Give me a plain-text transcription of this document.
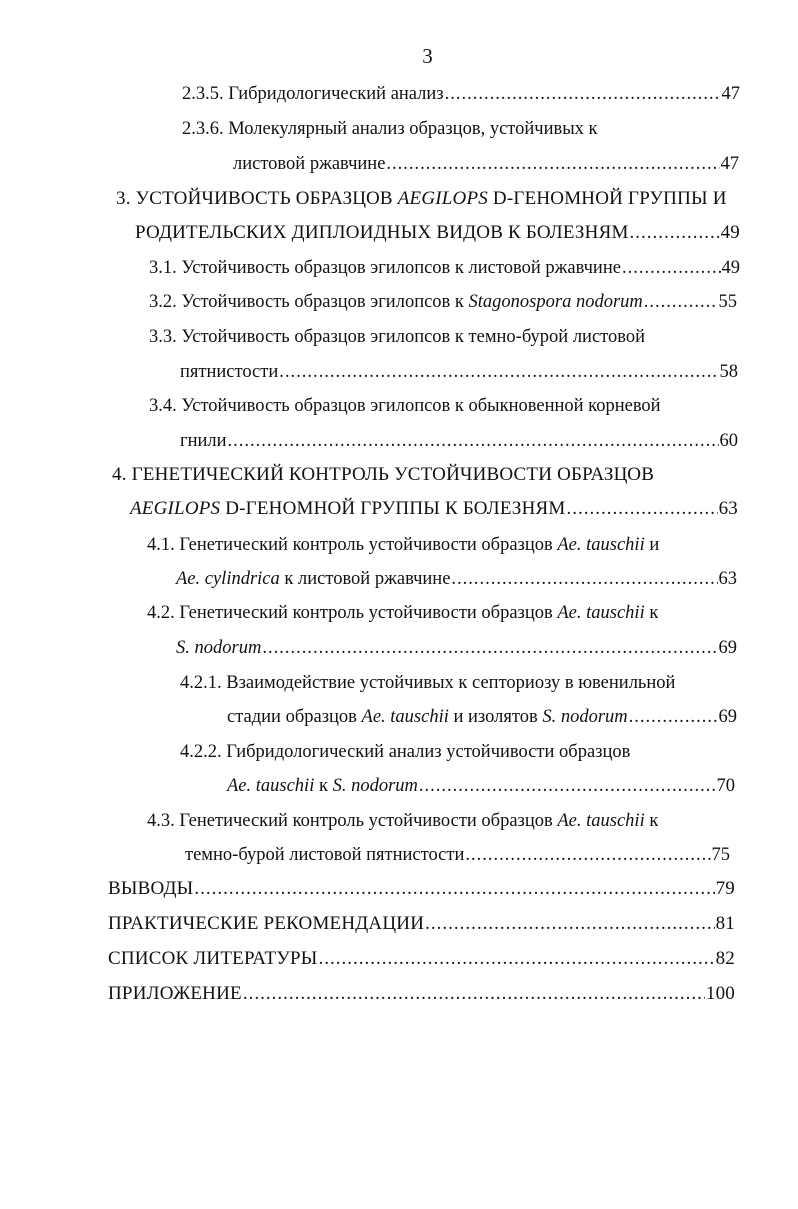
3
2.3.5. Гибридологический анализ .....	47
2.3.6. Молекулярный анализ образцов, устойчивых к
листовой ржавчине .....	47
3. УСТОЙЧИВОСТЬ ОБРАЗЦОВ AEGILOPS D-ГЕНОМНОЙ ГРУППЫ И
РОДИТЕЛЬСКИХ ДИПЛОИДНЫХ ВИДОВ К БОЛЕЗНЯМ .....	49
3.1. Устойчивость образцов эгилопсов к листовой ржавчине .....	49
3.2. Устойчивость образцов эгилопсов к Stagonospora nodorum .....	55
3.3. Устойчивость образцов эгилопсов к темно-бурой листовой
пятнистости .....	58
3.4. Устойчивость образцов эгилопсов к обыкновенной корневой
гнили .....	60
4. ГЕНЕТИЧЕСКИЙ КОНТРОЛЬ УСТОЙЧИВОСТИ ОБРАЗЦОВ
AEGILOPS D-ГЕНОМНОЙ ГРУППЫ К БОЛЕЗНЯМ .....	63
4.1. Генетический контроль устойчивости образцов Ae. tauschii и
Ae. cylindrica к листовой ржавчине .....	63
4.2. Генетический контроль устойчивости образцов Ae. tauschii к
S. nodorum .....	69
4.2.1. Взаимодействие устойчивых к септориозу в ювенильной
стадии образцов Ae. tauschii и изолятов S. nodorum .....	69
4.2.2. Гибридологический анализ устойчивости образцов
Ae. tauschii к S. nodorum .....	70
4.3. Генетический контроль устойчивости образцов Ae. tauschii к
темно-бурой листовой пятнистости .....	75
ВЫВОДЫ .....	79
ПРАКТИЧЕСКИЕ РЕКОМЕНДАЦИИ .....	81
СПИСОК ЛИТЕРАТУРЫ .....	82
ПРИЛОЖЕНИЕ .....	100
